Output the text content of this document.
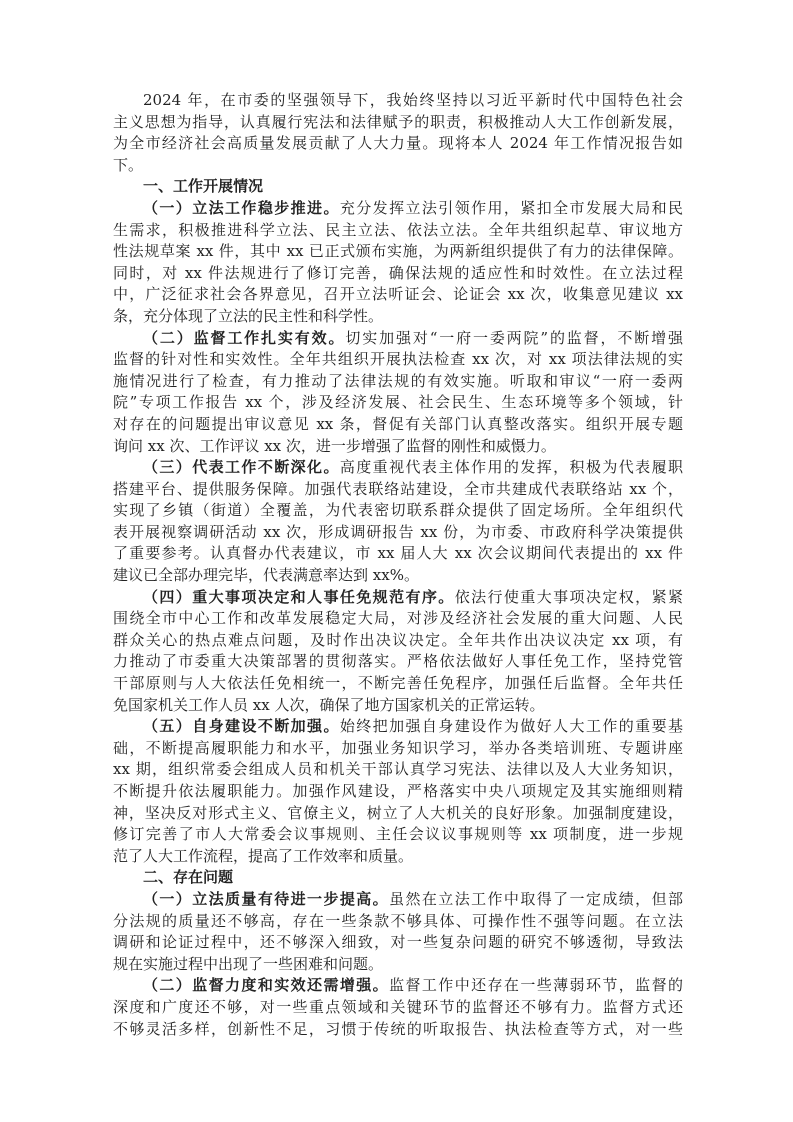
2024 年，在市委的坚强领导下，我始终坚持以习近平新时代中国特色社会
主义思想为指导，认真履行宪法和法律赋予的职责，积极推动人大工作创新发展，
为全市经济社会高质量发展贡献了人大力量。现将本人 2024 年工作情况报告如
下。
一、工作开展情况
（一）立法工作稳步推进。充分发挥立法引领作用，紧扣全市发展大局和民
生需求，积极推进科学立法、民主立法、依法立法。全年共组织起草、审议地方
性法规草案 xx 件，其中 xx 已正式颁布实施，为两新组织提供了有力的法律保障。
同时，对 xx 件法规进行了修订完善，确保法规的适应性和时效性。在立法过程
中，广泛征求社会各界意见，召开立法听证会、论证会 xx 次，收集意见建议 xx
条，充分体现了立法的民主性和科学性。
（二）监督工作扎实有效。切实加强对“一府一委两院”的监督，不断增强
监督的针对性和实效性。全年共组织开展执法检查 xx 次，对 xx 项法律法规的实
施情况进行了检查，有力推动了法律法规的有效实施。听取和审议“一府一委两
院”专项工作报告 xx 个，涉及经济发展、社会民生、生态环境等多个领域，针
对存在的问题提出审议意见 xx 条，督促有关部门认真整改落实。组织开展专题
询问 xx 次、工作评议 xx 次，进一步增强了监督的刚性和威慑力。
（三）代表工作不断深化。高度重视代表主体作用的发挥，积极为代表履职
搭建平台、提供服务保障。加强代表联络站建设，全市共建成代表联络站 xx 个，
实现了乡镇（街道）全覆盖，为代表密切联系群众提供了固定场所。全年组织代
表开展视察调研活动 xx 次，形成调研报告 xx 份，为市委、市政府科学决策提供
了重要参考。认真督办代表建议，市 xx 届人大 xx 次会议期间代表提出的 xx 件
建议已全部办理完毕，代表满意率达到 xx%。
（四）重大事项决定和人事任免规范有序。依法行使重大事项决定权，紧紧
围绕全市中心工作和改革发展稳定大局，对涉及经济社会发展的重大问题、人民
群众关心的热点难点问题，及时作出决议决定。全年共作出决议决定 xx 项，有
力推动了市委重大决策部署的贯彻落实。严格依法做好人事任免工作，坚持党管
干部原则与人大依法任免相统一，不断完善任免程序，加强任后监督。全年共任
免国家机关工作人员 xx 人次，确保了地方国家机关的正常运转。
（五）自身建设不断加强。始终把加强自身建设作为做好人大工作的重要基
础，不断提高履职能力和水平，加强业务知识学习，举办各类培训班、专题讲座
xx 期，组织常委会组成人员和机关干部认真学习宪法、法律以及人大业务知识，
不断提升依法履职能力。加强作风建设，严格落实中央八项规定及其实施细则精
神，坚决反对形式主义、官僚主义，树立了人大机关的良好形象。加强制度建设，
修订完善了市人大常委会议事规则、主任会议议事规则等 xx 项制度，进一步规
范了人大工作流程，提高了工作效率和质量。
二、存在问题
（一）立法质量有待进一步提高。虽然在立法工作中取得了一定成绩，但部
分法规的质量还不够高，存在一些条款不够具体、可操作性不强等问题。在立法
调研和论证过程中，还不够深入细致，对一些复杂问题的研究不够透彻，导致法
规在实施过程中出现了一些困难和问题。
（二）监督力度和实效还需增强。监督工作中还存在一些薄弱环节，监督的
深度和广度还不够，对一些重点领域和关键环节的监督还不够有力。监督方式还
不够灵活多样，创新性不足，习惯于传统的听取报告、执法检查等方式，对一些
